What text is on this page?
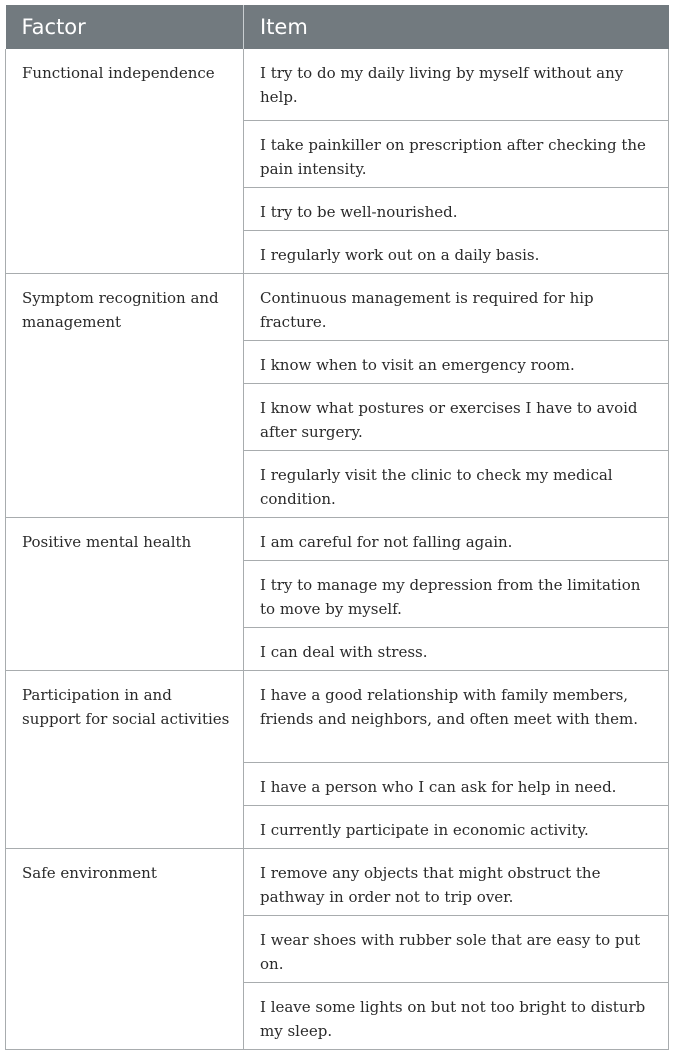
Factor	Item
Functional independence	I try to do my daily living by myself without any help.
	I take painkiller on prescription after checking the pain intensity.
	I try to be well-nourished.
	I regularly work out on a daily basis.
Symptom recognition and management	Continuous management is required for hip fracture.
	I know when to visit an emergency room.
	I know what postures or exercises I have to avoid after surgery.
	I regularly visit the clinic to check my medical condition.
Positive mental health	I am careful for not falling again.
	I try to manage my depression from the limitation to move by myself.
	I can deal with stress.
Participation in and support for social activities	I have a good relationship with family members, friends and neighbors, and often meet with them.
	I have a person who I can ask for help in need.
	I currently participate in economic activity.
Safe environment	I remove any objects that might obstruct the pathway in order not to trip over.
	I wear shoes with rubber sole that are easy to put on.
	I leave some lights on but not too bright to disturb my sleep.
